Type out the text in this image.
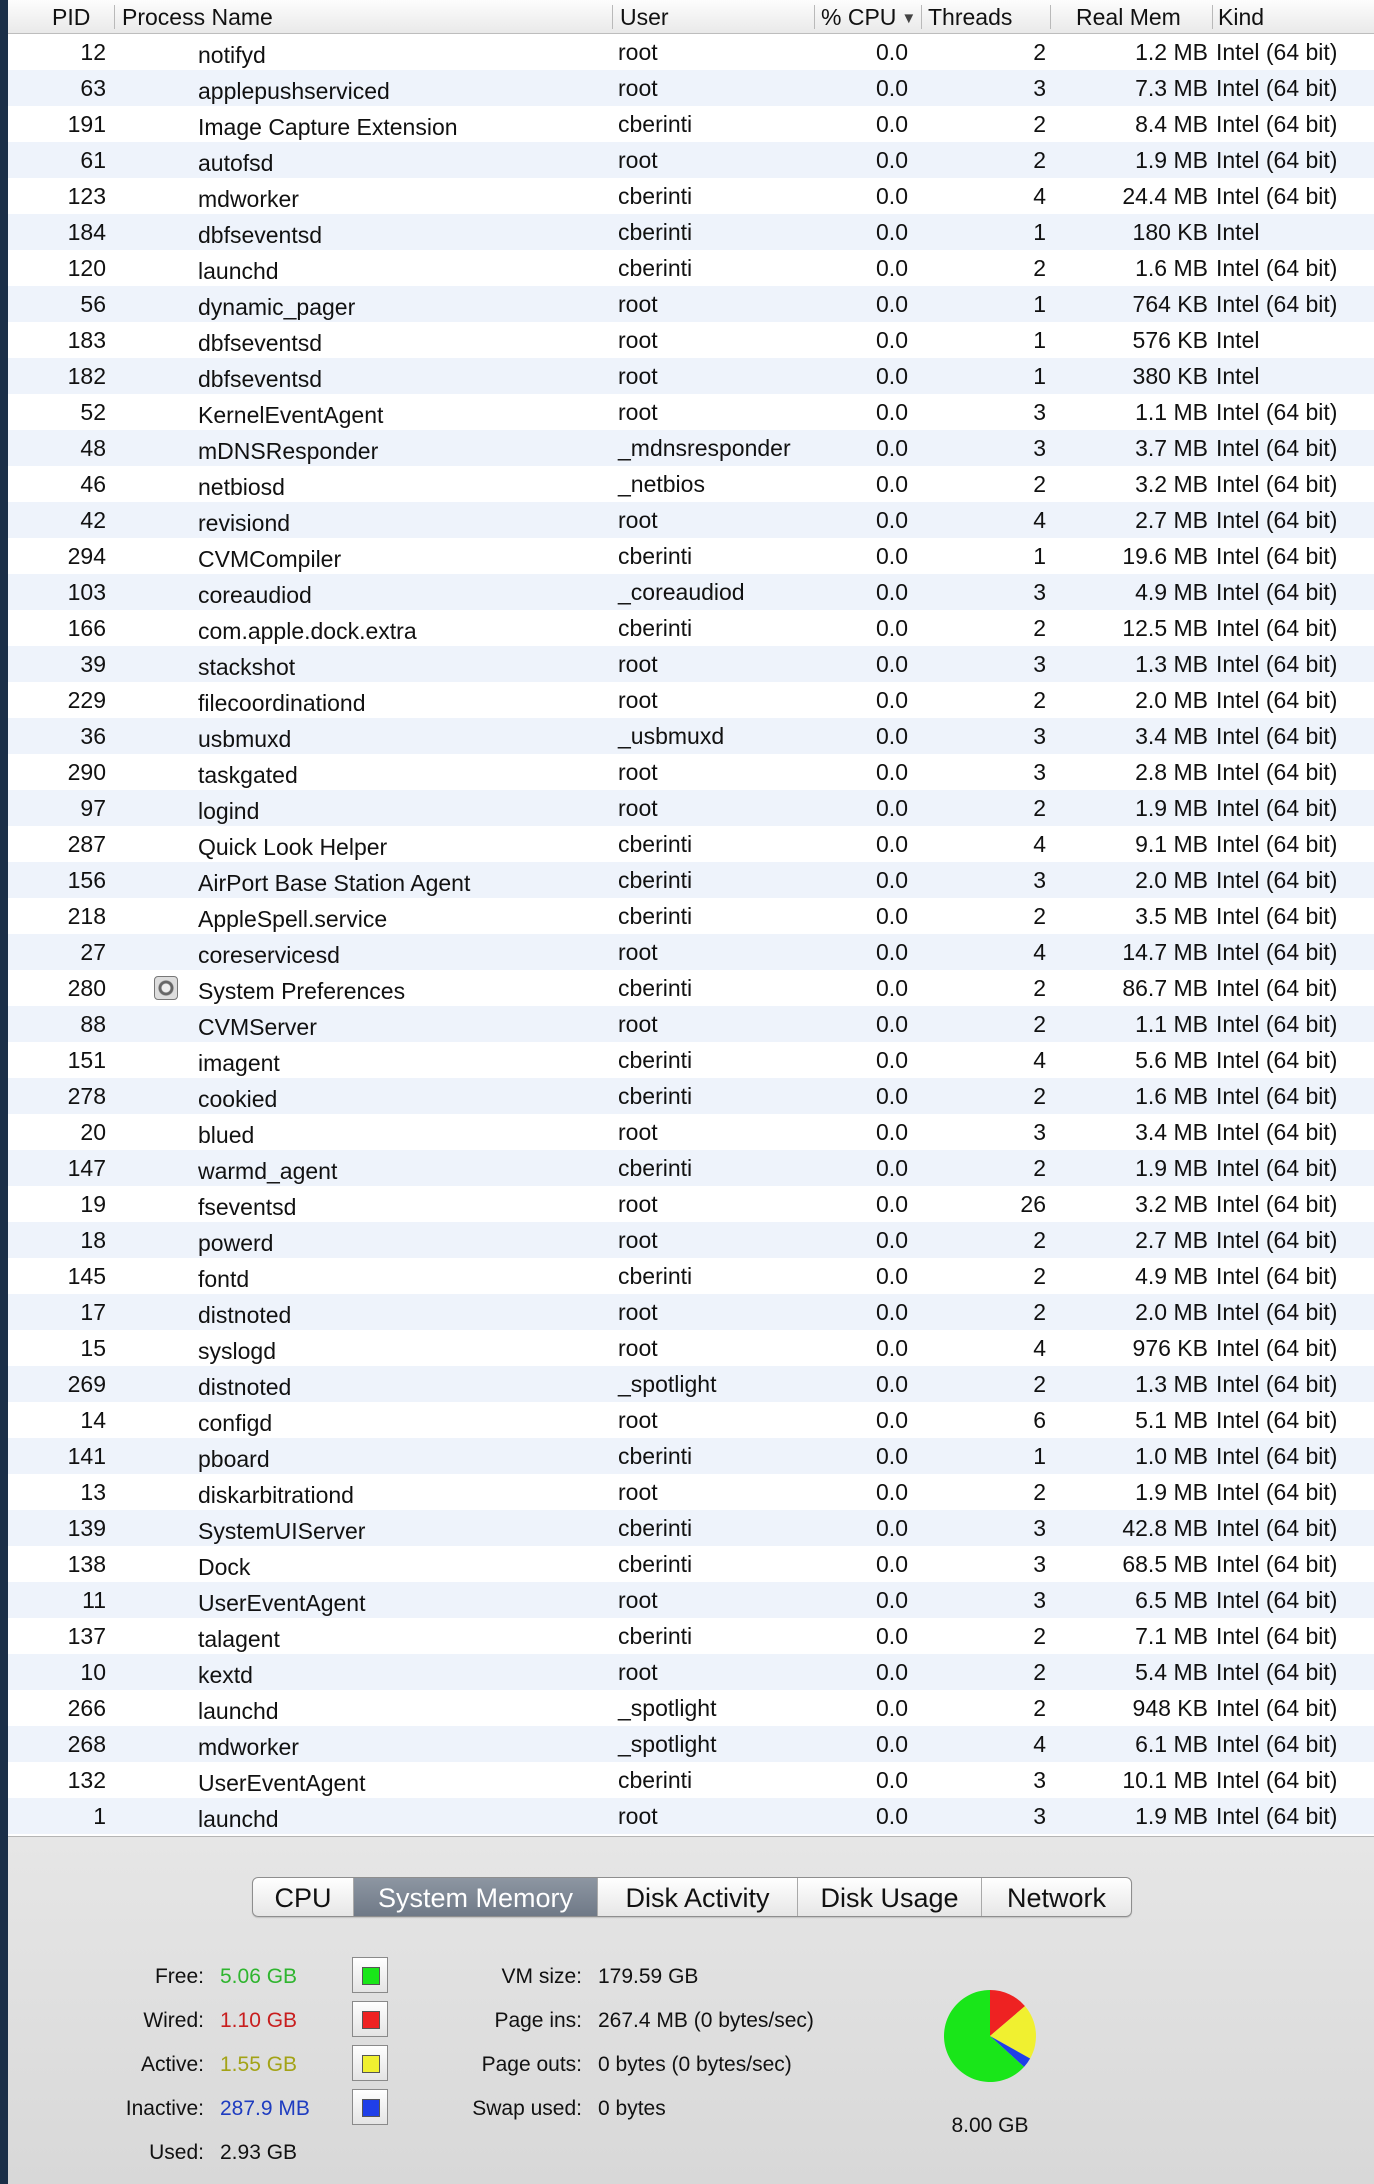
PID Process Name	User	% CPU ▼ Threads	Real Mem Kind
12	notifyd	root	0.0	2	1.2 MB Intel (64 bit)
63	applepushserviced	root	0.0	3	7.3 MB Intel (64 bit)
191	Image Capture Extension	cberinti	0.0	2	8.4 MB Intel (64 bit)
61	autofsd	root	0.0	2	1.9 MB Intel (64 bit)
123	mdworker	cberinti	0.0	4	24.4 MB Intel (64 bit)
184	dbfseventsd	cberinti	0.0	1	180 KB Intel
120	launchd	cberinti	0.0	2	1.6 MB Intel (64 bit)
56	dynamic_pager	root	0.0	1	764 KB Intel (64 bit)
183	dbfseventsd	root	0.0	1	576 KB Intel
182	dbfseventsd	root	0.0	1	380 KB Intel
52	KernelEventAgent	root	0.0	3	1.1 MB Intel (64 bit)
48	mDNSResponder	_mdnsresponder	0.0	3	3.7 MB Intel (64 bit)
46	netbiosd	_netbios	0.0	2	3.2 MB Intel (64 bit)
42	revisiond	root	0.0	4	2.7 MB Intel (64 bit)
294	CVMCompiler	cberinti	0.0	1	19.6 MB Intel (64 bit)
103	coreaudiod	_coreaudiod	0.0	3	4.9 MB Intel (64 bit)
166	com.apple.dock.extra	cberinti	0.0	2	12.5 MB Intel (64 bit)
39	stackshot	root	0.0	3	1.3 MB Intel (64 bit)
229	filecoordinationd	root	0.0	2	2.0 MB Intel (64 bit)
36	usbmuxd	_usbmuxd	0.0	3	3.4 MB Intel (64 bit)
290	taskgated	root	0.0	3	2.8 MB Intel (64 bit)
97	logind	root	0.0	2	1.9 MB Intel (64 bit)
287	Quick Look Helper	cberinti	0.0	4	9.1 MB Intel (64 bit)
156	AirPort Base Station Agent	cberinti	0.0	3	2.0 MB Intel (64 bit)
218	AppleSpell.service	cberinti	0.0	2	3.5 MB Intel (64 bit)
27	coreservicesd	root	0.0	4	14.7 MB Intel (64 bit)
280	System Preferences	cberinti	0.0	2	86.7 MB Intel (64 bit)
88	CVMServer	root	0.0	2	1.1 MB Intel (64 bit)
151	imagent	cberinti	0.0	4	5.6 MB Intel (64 bit)
278	cookied	cberinti	0.0	2	1.6 MB Intel (64 bit)
20	blued	root	0.0	3	3.4 MB Intel (64 bit)
147	warmd_agent	cberinti	0.0	2	1.9 MB Intel (64 bit)
19	fseventsd	root	0.0	26	3.2 MB Intel (64 bit)
18	powerd	root	0.0	2	2.7 MB Intel (64 bit)
145	fontd	cberinti	0.0	2	4.9 MB Intel (64 bit)
17	distnoted	root	0.0	2	2.0 MB Intel (64 bit)
15	syslogd	root	0.0	4	976 KB Intel (64 bit)
269	distnoted	_spotlight	0.0	2	1.3 MB Intel (64 bit)
14	configd	root	0.0	6	5.1 MB Intel (64 bit)
141	pboard	cberinti	0.0	1	1.0 MB Intel (64 bit)
13	diskarbitrationd	root	0.0	2	1.9 MB Intel (64 bit)
139	SystemUIServer	cberinti	0.0	3	42.8 MB Intel (64 bit)
138	Dock	cberinti	0.0	3	68.5 MB Intel (64 bit)
11	UserEventAgent	root	0.0	3	6.5 MB Intel (64 bit)
137	talagent	cberinti	0.0	2	7.1 MB Intel (64 bit)
10	kextd	root	0.0	2	5.4 MB Intel (64 bit)
266	launchd	_spotlight	0.0	2	948 KB Intel (64 bit)
268	mdworker	_spotlight	0.0	4	6.1 MB Intel (64 bit)
132	UserEventAgent	cberinti	0.0	3	10.1 MB Intel (64 bit)
1	launchd	root	0.0	3	1.9 MB Intel (64 bit)
CPU	System Memory	Disk Activity	Disk Usage	Network
Free: 5.06 GB
Wired: 1.10 GB
Active: 1.55 GB
Inactive: 287.9 MB
Used: 2.93 GB
VM size: 179.59 GB
Page ins: 267.4 MB (0 bytes/sec)
Page outs: 0 bytes (0 bytes/sec)
Swap used: 0 bytes
8.00 GB
